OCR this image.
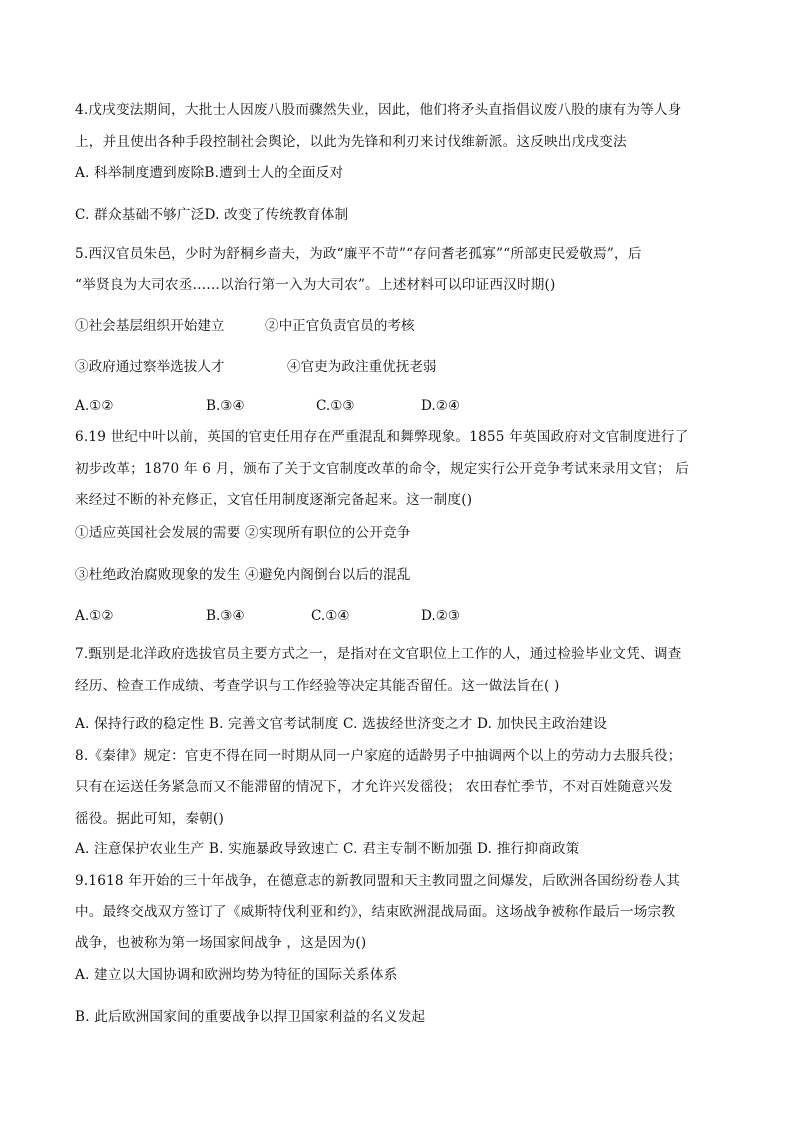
4.戊戌变法期间，大批士人因废八股而骤然失业，因此，他们将矛头直指倡议废八股的康有为等人身
上，并且使出各种手段控制社会舆论，以此为先锋和利刃来讨伐维新派。这反映出戊戌变法
A. 科举制度遭到废除B.遭到士人的全面反对
C. 群众基础不够广泛D. 改变了传统教育体制
5.西汉官员朱邑，少时为舒桐乡啬夫，为政“廉平不苛”“存问耆老孤寡”“所部吏民爱敬焉”，后
“举贤良为大司农丞……以治行第一入为大司农”。上述材料可以印证西汉时期()
①社会基层组织开始建立	②中正官负责官员的考核
③政府通过察举选拔人才	④官吏为政注重优抚老弱
A.①②	B.③④	C.①③	D.②④
6.19 世纪中叶以前，英国的官吏任用存在严重混乱和舞弊现象。1855 年英国政府对文官制度进行了
初步改革；1870 年 6 月，颁布了关于文官制度改革的命令，规定实行公开竞争考试来录用文官； 后
来经过不断的补充修正，文官任用制度逐渐完备起来。这一制度()
①适应英国社会发展的需要 ②实现所有职位的公开竞争
③杜绝政治腐败现象的发生 ④避免内阁倒台以后的混乱
A.①②	B.③④	C.①④	D.②③
7.甄别是北洋政府选拔官员主要方式之一，是指对在文官职位上工作的人，通过检验毕业文凭、调查
经历、检查工作成绩、考查学识与工作经验等决定其能否留任。这一做法旨在( )
A. 保持行政的稳定性 B. 完善文官考试制度 C. 选拔经世济变之才 D. 加快民主政治建设
8.《秦律》规定：官吏不得在同一时期从同一户家庭的适龄男子中抽调两个以上的劳动力去服兵役；
只有在运送任务紧急而又不能滞留的情况下，才允许兴发徭役； 农田春忙季节，不对百姓随意兴发
徭役。据此可知，秦朝()
A. 注意保护农业生产 B. 实施暴政导致速亡 C. 君主专制不断加强 D. 推行抑商政策
9.1618 年开始的三十年战争，在德意志的新教同盟和天主教同盟之间爆发，后欧洲各国纷纷卷人其
中。最终交战双方签订了《威斯特伐利亚和约》，结束欧洲混战局面。这场战争被称作最后一场宗教
战争，也被称为第一场国家间战争 ，这是因为()
A. 建立以大国协调和欧洲均势为特征的国际关系体系
B. 此后欧洲国家间的重要战争以捍卫国家利益的名义发起
